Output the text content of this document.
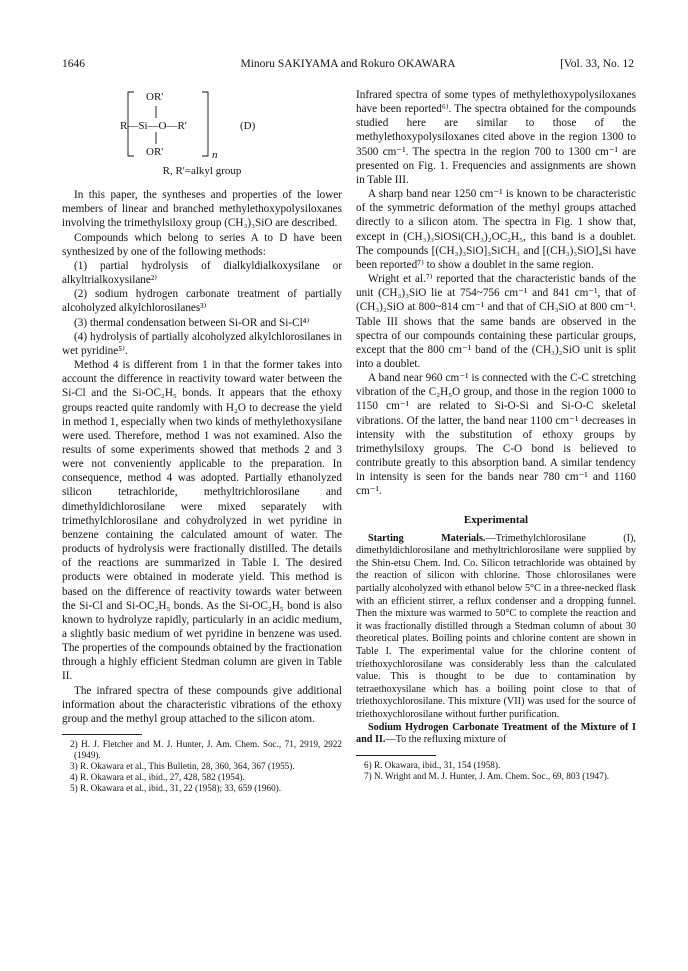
1646	Minoru SAKIYAMA and Rokuro OKAWARA	[Vol. 33, No. 12
OR'
R—Si—O—R'
OR'	n
(D)
R, R'=alkyl group

In this paper, the syntheses and properties of the lower members of linear and branched methylethoxypolysiloxanes involving the trimethylsiloxy group (CH₃)₃SiO are described.

Compounds which belong to series A to D have been synthesized by one of the following methods:

(1) partial hydrolysis of dialkyldialkoxysilane or alkyltrialkoxysilane²⁾

(2) sodium hydrogen carbonate treatment of partially alcoholyzed alkylchlorosilanes³⁾

(3) thermal condensation between Si-OR and Si-Cl⁴⁾

(4) hydrolysis of partially alcoholyzed alkylchlorosilanes in wet pyridine⁵⁾.

Method 4 is different from 1 in that the former takes into account the difference in reactivity toward water between the Si-Cl and the Si-OC₂H₅ bonds. It appears that the ethoxy groups reacted quite randomly with H₂O to decrease the yield in method 1, especially when two kinds of methylethoxysilane were used. Therefore, method 1 was not examined. Also the results of some experiments showed that methods 2 and 3 were not conveniently applicable to the preparation. In consequence, method 4 was adopted. Partially ethanolyzed silicon tetrachloride, methyltrichlorosilane and dimethyldichlorosilane were mixed separately with trimethylchlorosilane and cohydrolyzed in wet pyridine in benzene containing the calculated amount of water. The products of hydrolysis were fractionally distilled. The details of the reactions are summarized in Table I. The desired products were obtained in moderate yield. This method is based on the difference of reactivity towards water between the Si-Cl and Si-OC₂H₅ bonds. As the Si-OC₂H₅ bond is also known to hydrolyze rapidly, particularly in an acidic medium, a slightly basic medium of wet pyridine in benzene was used. The properties of the compounds obtained by the fractionation through a highly efficient Stedman column are given in Table II.

The infrared spectra of these compounds give additional information about the characteristic vibrations of the ethoxy group and the methyl group attached to the silicon atom.

2) H. J. Fletcher and M. J. Hunter, J. Am. Chem. Soc., 71, 2919, 2922 (1949).
3) R. Okawara et al., This Bulletin, 28, 360, 364, 367 (1955).
4) R. Okawara et al., ibid., 27, 428, 582 (1954).
5) R. Okawara et al., ibid., 31, 22 (1958); 33, 659 (1960).

Infrared spectra of some types of methylethoxypolysiloxanes have been reported⁶⁾. The spectra obtained for the compounds studied here are similar to those of the methylethoxypolysiloxanes cited above in the region 1300 to 3500 cm⁻¹. The spectra in the region 700 to 1300 cm⁻¹ are presented on Fig. 1. Frequencies and assignments are shown in Table III.

A sharp band near 1250 cm⁻¹ is known to be characteristic of the symmetric deformation of the methyl groups attached directly to a silicon atom. The spectra in Fig. 1 show that, except in (CH₃)₃SiOSi(CH₃)₂OC₂H₅, this band is a doublet. The compounds [(CH₃)₃SiO]₃SiCH₃ and [(CH₃)₃SiO]₄Si have been reported⁷⁾ to show a doublet in the same region.

Wright et al.⁷⁾ reported that the characteristic bands of the unit (CH₃)₃SiO lie at 754~756 cm⁻¹ and 841 cm⁻¹, that of (CH₃)₂SiO at 800~814 cm⁻¹ and that of CH₃SiO at 800 cm⁻¹. Table III shows that the same bands are observed in the spectra of our compounds containing these particular groups, except that the 800 cm⁻¹ band of the (CH₃)₂SiO unit is split into a doublet.

A band near 960 cm⁻¹ is connected with the C-C stretching vibration of the C₂H₅O group, and those in the region 1000 to 1150 cm⁻¹ are related to Si-O-Si and Si-O-C skeletal vibrations. Of the latter, the band near 1100 cm⁻¹ decreases in intensity with the substitution of ethoxy groups by trimethylsiloxy groups. The C-O bond is believed to contribute greatly to this absorption band. A similar tendency in intensity is seen for the bands near 780 cm⁻¹ and 1160 cm⁻¹.

Experimental

Starting Materials.—Trimethylchlorosilane (I), dimethyldichlorosilane and methyltrichlorosilane were supplied by the Shin-etsu Chem. Ind. Co. Silicon tetrachloride was obtained by the reaction of silicon with chlorine. Those chlorosilanes were partially alcoholyzed with ethanol below 5°C in a three-necked flask with an efficient stirrer, a reflux condenser and a dropping funnel. Then the mixture was warmed to 50°C to complete the reaction and it was fractionally distilled through a Stedman column of about 30 theoretical plates. Boiling points and chlorine content are shown in Table I. The experimental value for the chlorine content of triethoxychlorosilane was considerably less than the calculated value. This is thought to be due to contamination by tetraethoxysilane which has a boiling point close to that of triethoxychlorosilane. This mixture (VII) was used for the source of triethoxychlorosilane without further purification.

Sodium Hydrogen Carbonate Treatment of the Mixture of I and II.—To the refluxing mixture of

6) R. Okawara, ibid., 31, 154 (1958).
7) N. Wright and M. J. Hunter, J. Am. Chem. Soc., 69, 803 (1947).
